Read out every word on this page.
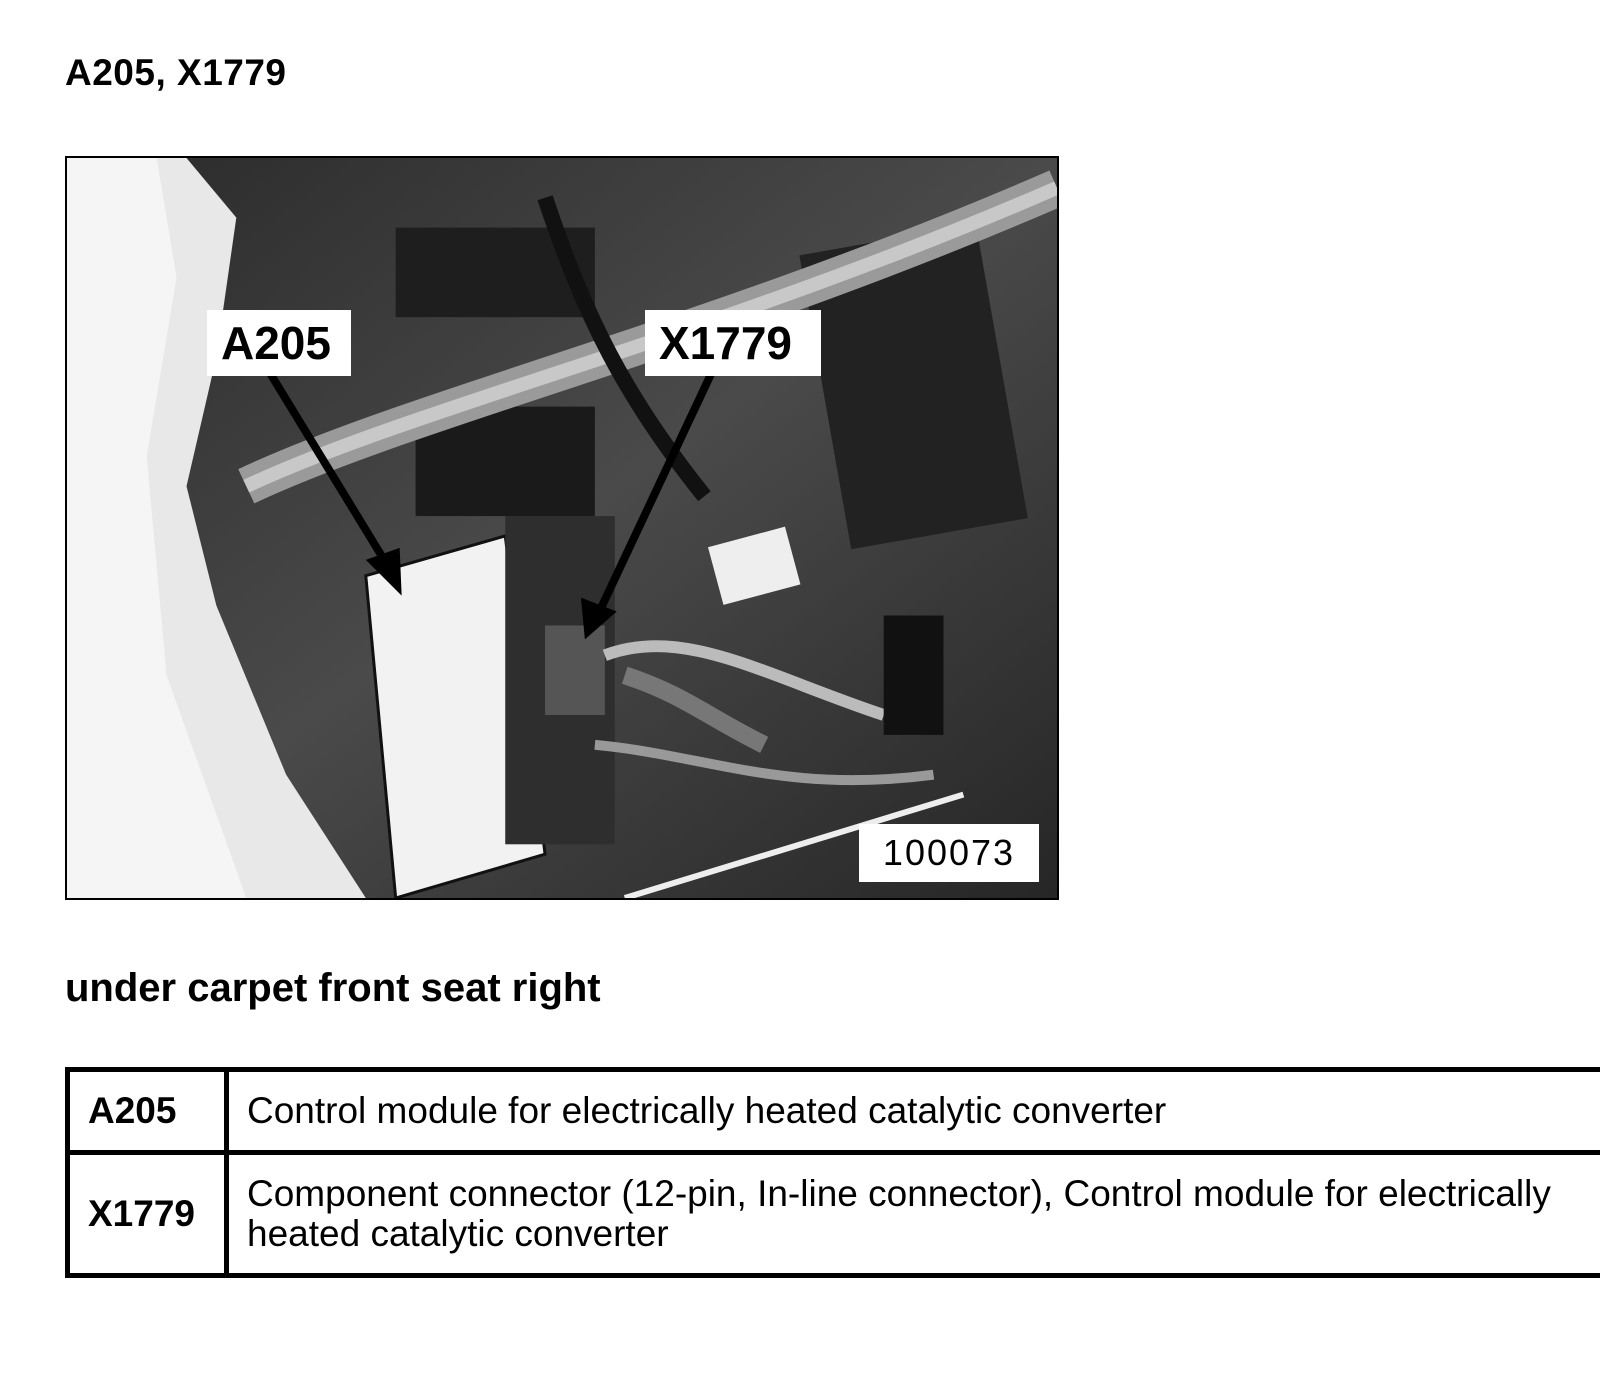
A205, X1779
A205	X1779
100073
under carpet front seat right
A205	Control module for electrically heated catalytic converter
X1779	Component connector (12-pin, In-line connector), Control module for electrically heated catalytic converter
